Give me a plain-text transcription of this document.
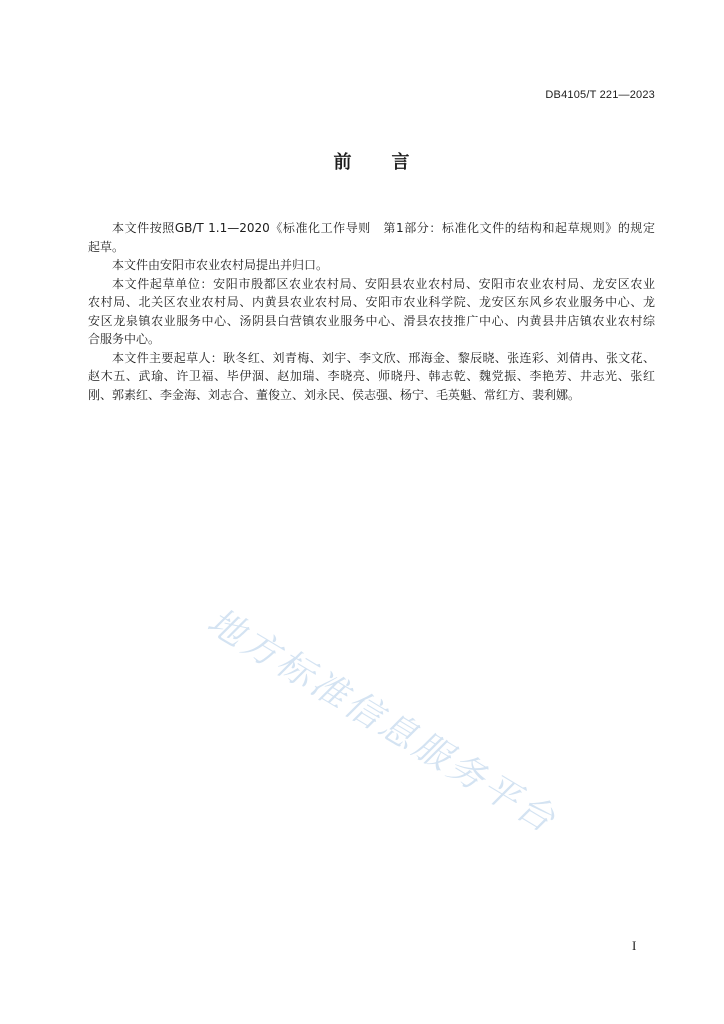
DB4105/T 221—2023
前 言
本文件按照GB/T 1.1—2020《标准化工作导则　第1部分：标准化文件的结构和起草规则》的规定
起草。
本文件由安阳市农业农村局提出并归口。
本文件起草单位：安阳市殷都区农业农村局、安阳县农业农村局、安阳市农业农村局、龙安区农业
农村局、北关区农业农村局、内黄县农业农村局、安阳市农业科学院、龙安区东风乡农业服务中心、龙
安区龙泉镇农业服务中心、汤阴县白营镇农业服务中心、滑县农技推广中心、内黄县井店镇农业农村综
合服务中心。
本文件主要起草人：耿冬红、刘青梅、刘宇、李文欣、邢海金、黎辰晓、张连彩、刘倩冉、张文花、
赵木五、武瑜、许卫福、毕伊涸、赵加瑞、李晓亮、师晓丹、韩志乾、魏党振、李艳芳、井志光、张红
刚、郭素红、李金海、刘志合、董俊立、刘永民、侯志强、杨宁、毛英魁、常红方、裴利娜。
地方标准信息服务平台
I
